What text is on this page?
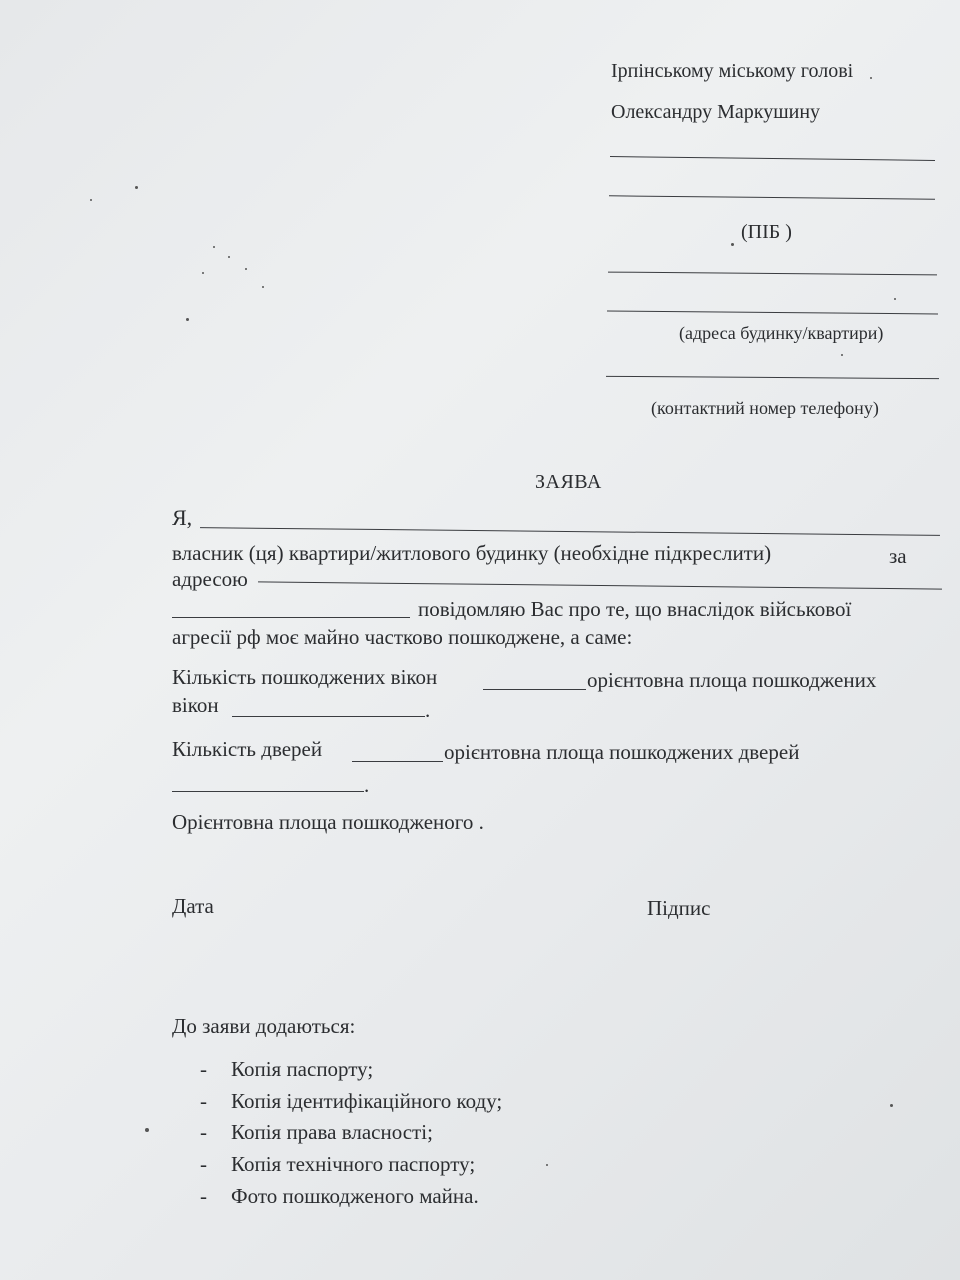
Ірпінському міському голові
Олександру Маркушину
(ПІБ )
(адреса будинку/квартири)
(контактний номер телефону)
ЗАЯВА
Я,
власник (ця) квартири/житлового будинку (необхідне підкреслити)	за
адресою
повідомляю Вас про те, що внаслідок військової
агресії рф моє майно частково пошкоджене, а саме:
Кількість пошкоджених вікон	орієнтовна площа пошкоджених
вікон	.
Кількість дверей	орієнтовна площа пошкоджених дверей
.
Орієнтовна площа пошкодженого .
Дата	Підпис
До заяви додаються:
- Копія паспорту;
- Копія ідентифікаційного коду;
- Копія права власності;
- Копія технічного паспорту;
- Фото пошкодженого майна.
